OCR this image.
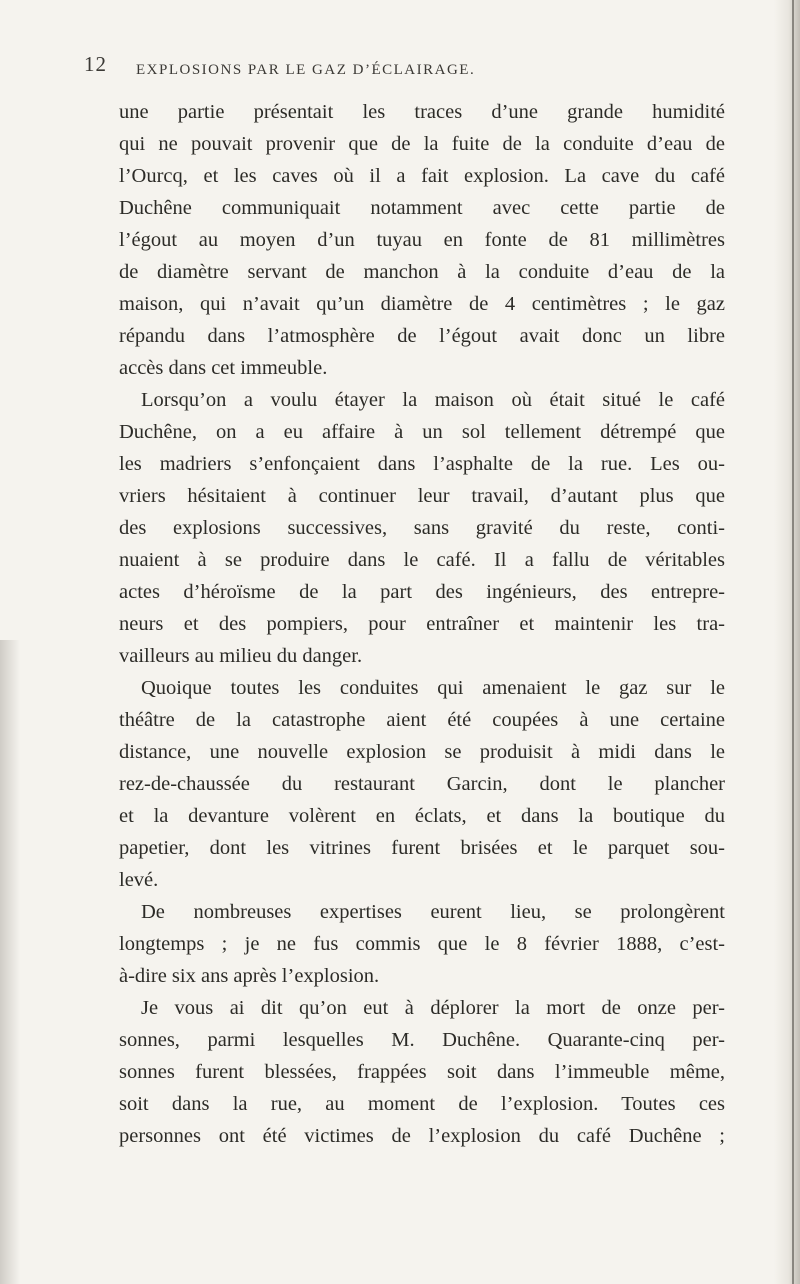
12 EXPLOSIONS PAR LE GAZ D’ÉCLAIRAGE.
une partie présentait les traces d’une grande humidité
qui ne pouvait provenir que de la fuite de la conduite d’eau de
l’Ourcq, et les caves où il a fait explosion. La cave du café
Duchêne communiquait notamment avec cette partie de
l’égout au moyen d’un tuyau en fonte de 81 millimètres
de diamètre servant de manchon à la conduite d’eau de la
maison, qui n’avait qu’un diamètre de 4 centimètres ; le gaz
répandu dans l’atmosphère de l’égout avait donc un libre
accès dans cet immeuble.
Lorsqu’on a voulu étayer la maison où était situé le café
Duchêne, on a eu affaire à un sol tellement détrempé que
les madriers s’enfonçaient dans l’asphalte de la rue. Les ou-
vriers hésitaient à continuer leur travail, d’autant plus que
des explosions successives, sans gravité du reste, conti-
nuaient à se produire dans le café. Il a fallu de véritables
actes d’héroïsme de la part des ingénieurs, des entrepre-
neurs et des pompiers, pour entraîner et maintenir les tra-
vailleurs au milieu du danger.
Quoique toutes les conduites qui amenaient le gaz sur le
théâtre de la catastrophe aient été coupées à une certaine
distance, une nouvelle explosion se produisit à midi dans le
rez-de-chaussée du restaurant Garcin, dont le plancher
et la devanture volèrent en éclats, et dans la boutique du
papetier, dont les vitrines furent brisées et le parquet sou-
levé.
De nombreuses expertises eurent lieu, se prolongèrent
longtemps ; je ne fus commis que le 8 février 1888, c’est-
à-dire six ans après l’explosion.
Je vous ai dit qu’on eut à déplorer la mort de onze per-
sonnes, parmi lesquelles M. Duchêne. Quarante-cinq per-
sonnes furent blessées, frappées soit dans l’immeuble même,
soit dans la rue, au moment de l’explosion. Toutes ces
personnes ont été victimes de l’explosion du café Duchêne ;
